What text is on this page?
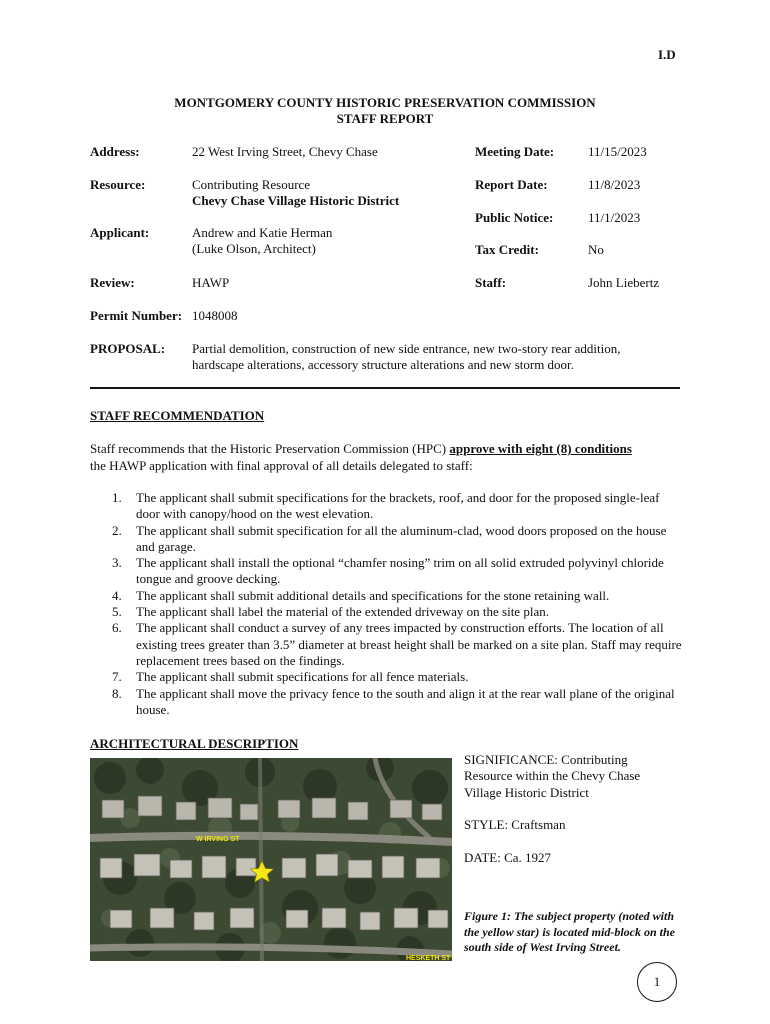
I.D
MONTGOMERY COUNTY HISTORIC PRESERVATION COMMISSION
STAFF REPORT
Address:	22 West Irving Street, Chevy Chase
Resource:	Contributing Resource
Chevy Chase Village Historic District
Applicant:	Andrew and Katie Herman
(Luke Olson, Architect)
Review:	HAWP
Permit Number: 1048008
Meeting Date:	11/15/2023
Report Date:	11/8/2023
Public Notice:	11/1/2023
Tax Credit:	No
Staff:	John Liebertz
PROPOSAL: Partial demolition, construction of new side entrance, new two-story rear addition,
hardscape alterations, accessory structure alterations and new storm door.
STAFF RECOMMENDATION
Staff recommends that the Historic Preservation Commission (HPC) approve with eight (8) conditions
the HAWP application with final approval of all details delegated to staff:
1. The applicant shall submit specifications for the brackets, roof, and door for the proposed single-leaf door with canopy/hood on the west elevation.
2. The applicant shall submit specification for all the aluminum-clad, wood doors proposed on the house and garage.
3. The applicant shall install the optional “chamfer nosing” trim on all solid extruded polyvinyl chloride tongue and groove decking.
4. The applicant shall submit additional details and specifications for the stone retaining wall.
5. The applicant shall label the material of the extended driveway on the site plan.
6. The applicant shall conduct a survey of any trees impacted by construction efforts. The location of all existing trees greater than 3.5” diameter at breast height shall be marked on a site plan. Staff may require replacement trees based on the findings.
7. The applicant shall submit specifications for all fence materials.
8. The applicant shall move the privacy fence to the south and align it at the rear wall plane of the original house.
ARCHITECTURAL DESCRIPTION
W IRVING ST
HESKETH ST
SIGNIFICANCE: Contributing Resource within the Chevy Chase Village Historic District
STYLE: Craftsman
DATE: Ca. 1927
Figure 1: The subject property (noted with the yellow star) is located mid-block on the south side of West Irving Street.
1
